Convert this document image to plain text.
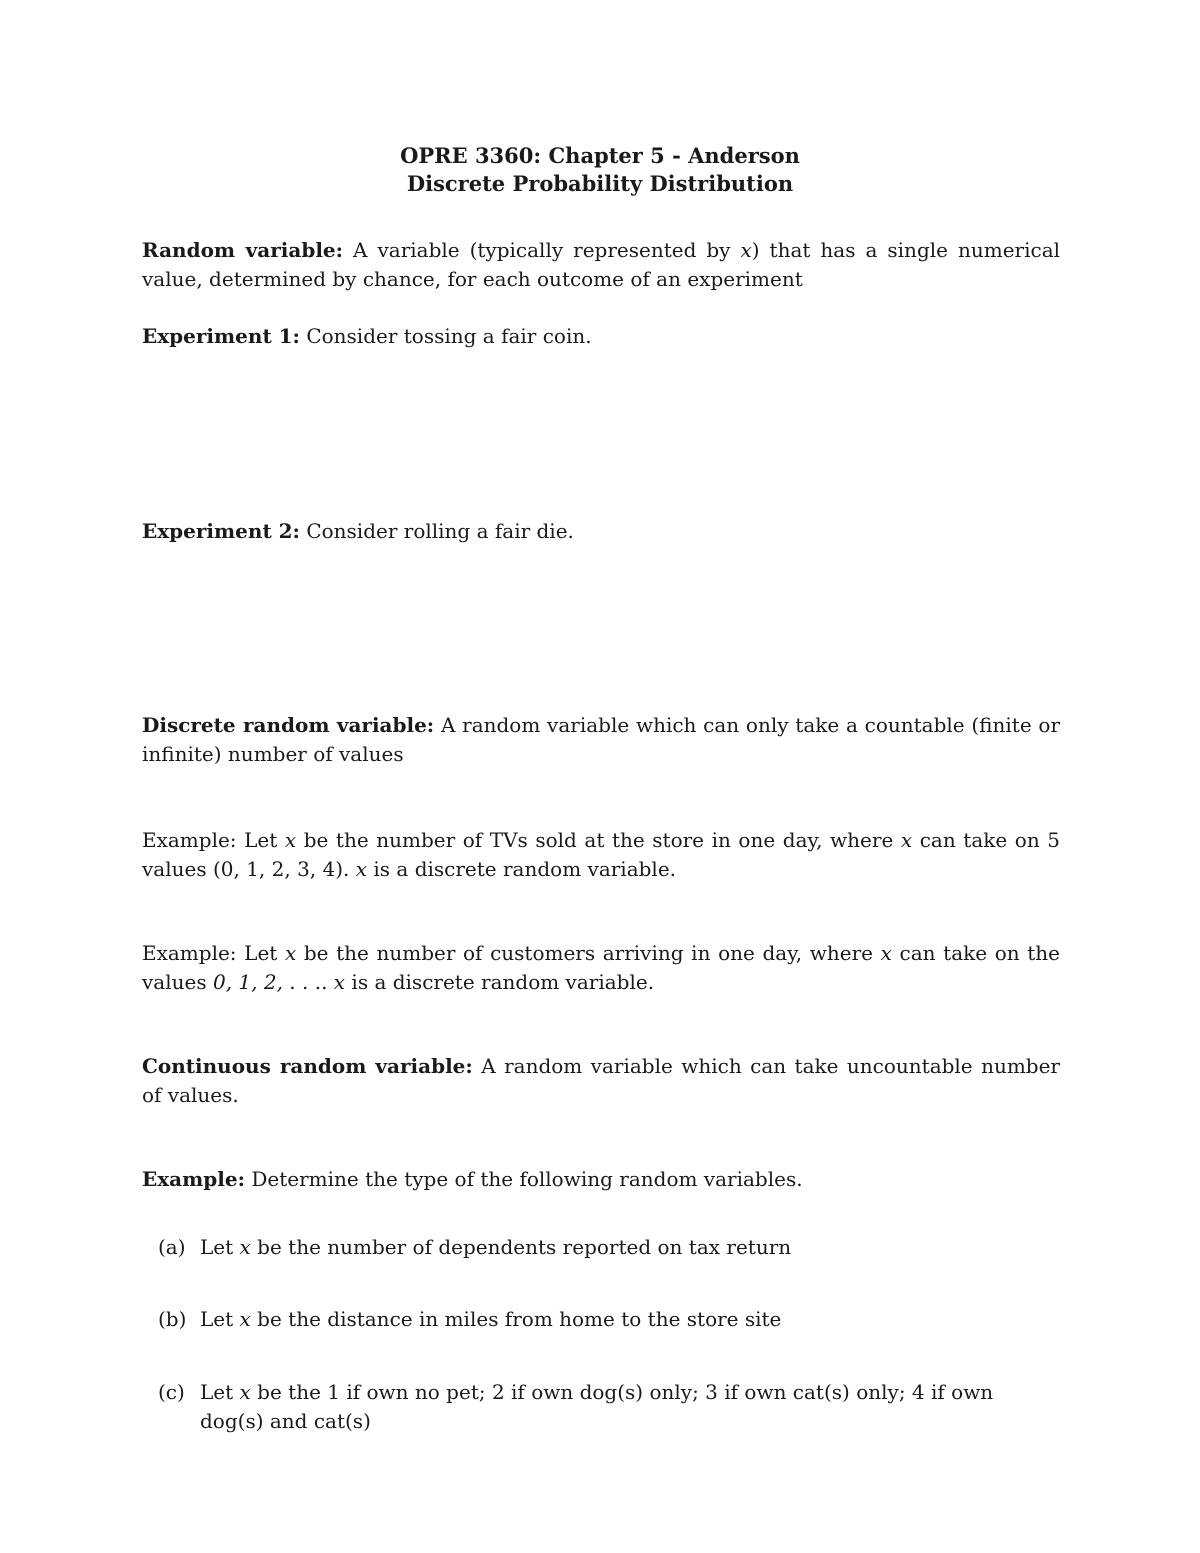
OPRE 3360: Chapter 5 - Anderson
Discrete Probability Distribution
Random variable: A variable (typically represented by x) that has a single numerical value, determined by chance, for each outcome of an experiment
Experiment 1: Consider tossing a fair coin.
Experiment 2: Consider rolling a fair die.
Discrete random variable: A random variable which can only take a countable (finite or infinite) number of values
Example: Let x be the number of TVs sold at the store in one day, where x can take on 5 values (0, 1, 2, 3, 4). x is a discrete random variable.
Example: Let x be the number of customers arriving in one day, where x can take on the values 0, 1, 2, . . .. x is a discrete random variable.
Continuous random variable: A random variable which can take uncountable number of values.
Example: Determine the type of the following random variables.
(a) Let x be the number of dependents reported on tax return
(b) Let x be the distance in miles from home to the store site
(c) Let x be the 1 if own no pet; 2 if own dog(s) only; 3 if own cat(s) only; 4 if own dog(s) and cat(s)
